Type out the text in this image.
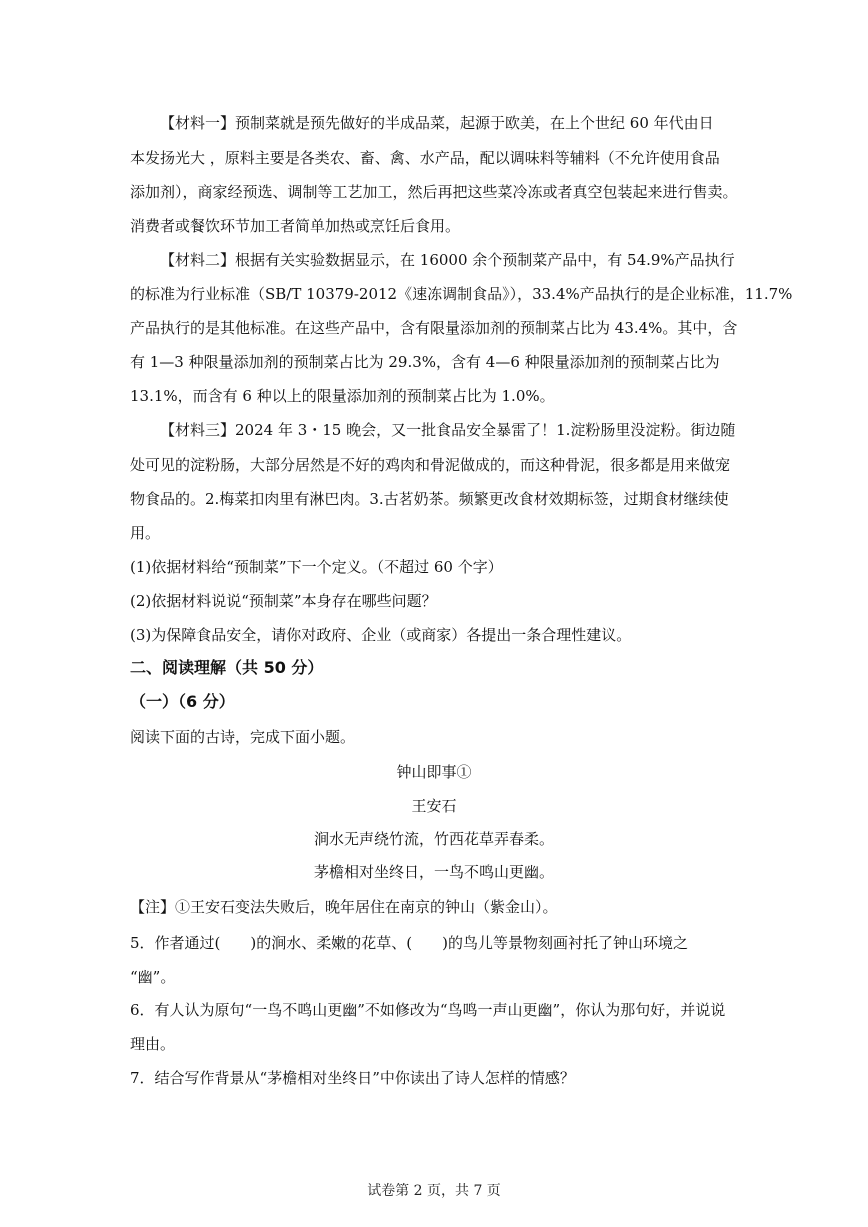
【材料一】预制菜就是预先做好的半成品菜，起源于欧美，在上个世纪 60 年代由日
本发扬光大 ，原料主要是各类农、畜、禽、水产品，配以调味料等辅料（不允许使用食品
添加剂），商家经预选、调制等工艺加工，然后再把这些菜冷冻或者真空包装起来进行售卖。
消费者或餐饮环节加工者简单加热或烹饪后食用。
【材料二】根据有关实验数据显示，在 16000 余个预制菜产品中，有 54.9%产品执行
的标准为行业标准（SB/T 10379-2012《速冻调制食品》），33.4%产品执行的是企业标准，11.7%
产品执行的是其他标准。在这些产品中，含有限量添加剂的预制菜占比为 43.4%。其中，含
有 1—3 种限量添加剂的预制菜占比为 29.3%，含有 4—6 种限量添加剂的预制菜占比为
13.1%，而含有 6 种以上的限量添加剂的预制菜占比为 1.0%。
【材料三】2024 年 3・15 晚会，又一批食品安全暴雷了！1.淀粉肠里没淀粉。街边随
处可见的淀粉肠，大部分居然是不好的鸡肉和骨泥做成的，而这种骨泥，很多都是用来做宠
物食品的。2.梅菜扣肉里有淋巴肉。3.古茗奶茶。频繁更改食材效期标签，过期食材继续使
用。
(1)依据材料给“预制菜”下一个定义。（不超过 60 个字）
(2)依据材料说说“预制菜”本身存在哪些问题？
(3)为保障食品安全，请你对政府、企业（或商家）各提出一条合理性建议。
二、阅读理解（共 50 分）
（一）（6 分）
阅读下面的古诗，完成下面小题。
钟山即事①
王安石
涧水无声绕竹流，竹西花草弄春柔。
茅檐相对坐终日，一鸟不鸣山更幽。
【注】①王安石变法失败后，晚年居住在南京的钟山（紫金山）。
5．作者通过(　　)的涧水、柔嫩的花草、(　　)的鸟儿等景物刻画衬托了钟山环境之
“幽”。
6．有人认为原句“一鸟不鸣山更幽”不如修改为“鸟鸣一声山更幽”，你认为那句好，并说说
理由。
7．结合写作背景从“茅檐相对坐终日”中你读出了诗人怎样的情感？
试卷第 2 页，共 7 页
